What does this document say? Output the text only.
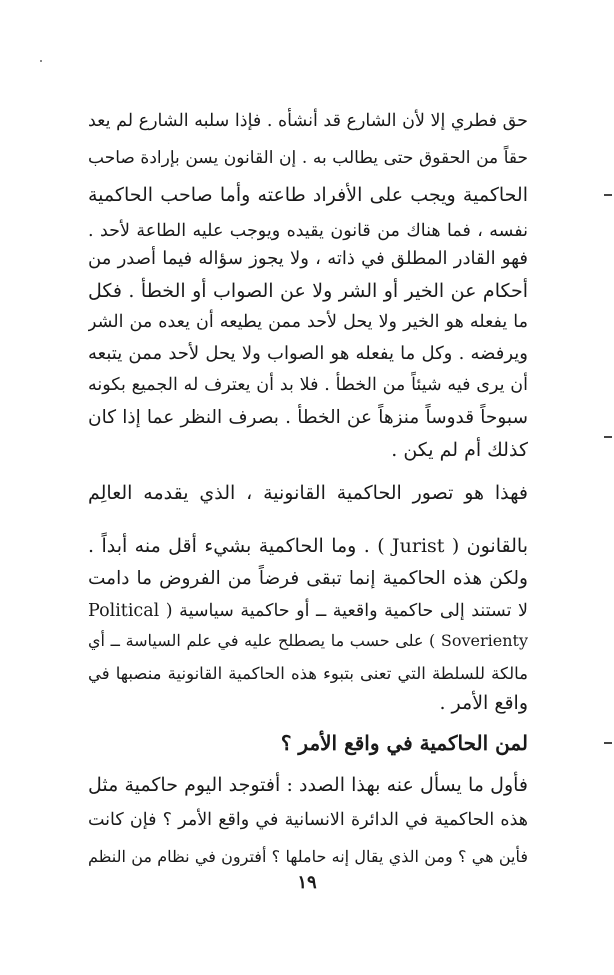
حق فطري إلا لأن الشارع قد أنشأه . فإذا سلبه الشارع لم يعد
حقاً من الحقوق حتى يطالب به . إن القانون يسن بإرادة صاحب
الحاكمية ويجب على الأفراد طاعته وأما صاحب الحاكمية
نفسه ، فما هناك من قانون يقيده ويوجب عليه الطاعة لأحد .
فهو القادر المطلق في ذاته ، ولا يجوز سؤاله فيما أصدر من
أحكام عن الخير أو الشر ولا عن الصواب أو الخطأ . فكل
ما يفعله هو الخير ولا يحل لأحد ممن يطيعه أن يعده من الشر
ويرفضه . وكل ما يفعله هو الصواب ولا يحل لأحد ممن يتبعه
أن يرى فيه شيئاً من الخطأ . فلا بد أن يعترف له الجميع بكونه
سبوحاً قدوساً منزهاً عن الخطأ . بصرف النظر عما إذا كان
كذلك أم لم يكن .
فهذا هو تصور الحاكمية القانونية ، الذي يقدمه العالِم
بالقانون ( Jurist ) . وما الحاكمية بشيء أقل منه أبداً .
ولكن هذه الحاكمية إنما تبقى فرضاً من الفروض ما دامت
لا تستند إلى حاكمية واقعية ــ أو حاكمية سياسية ( Political
Soverienty ) على حسب ما يصطلح عليه في علم السياسة ــ أي
مالكة للسلطة التي تعنى بتبوء هذه الحاكمية القانونية منصبها في
واقع الأمر .
لمن الحاكمية في واقع الأمر ؟
فأول ما يسأل عنه بهذا الصدد : أفتوجد اليوم حاكمية مثل
هذه الحاكمية في الدائرة الانسانية في واقع الأمر ؟ فإن كانت
فأين هي ؟ ومن الذي يقال إنه حاملها ؟ أفترون في نظام من النظم
١٩
